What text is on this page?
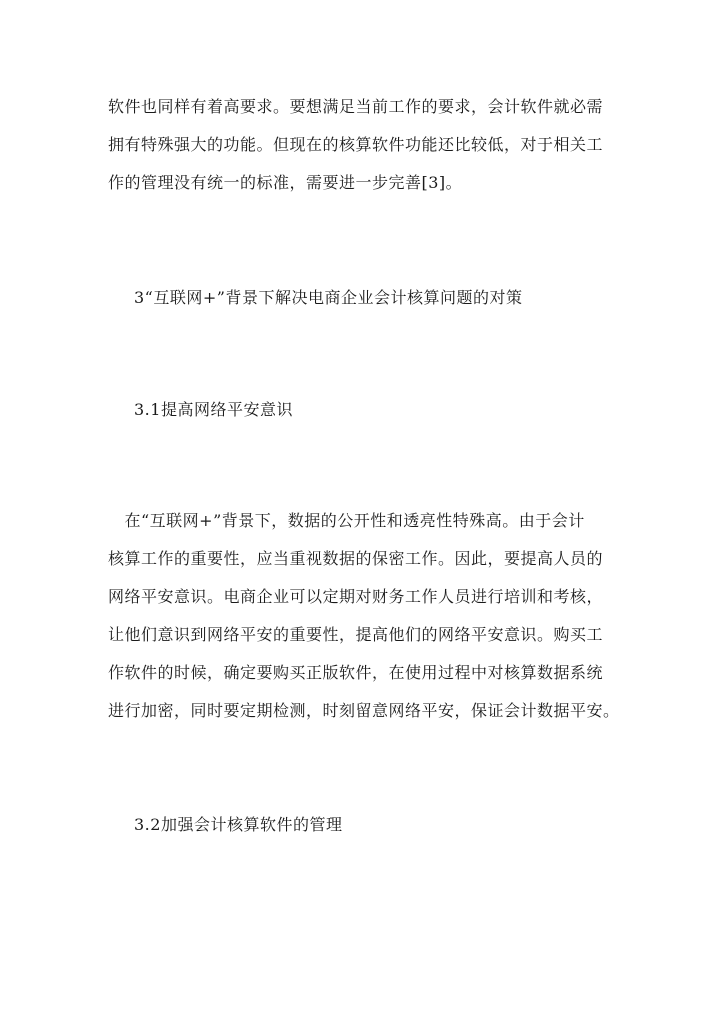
软件也同样有着高要求。要想满足当前工作的要求，会计软件就必需
拥有特殊强大的功能。但现在的核算软件功能还比较低，对于相关工
作的管理没有统一的标准，需要进一步完善[3]。
3“互联网+”背景下解决电商企业会计核算问题的对策
3.1提高网络平安意识
　在“互联网+”背景下，数据的公开性和透亮性特殊高。由于会计
核算工作的重要性，应当重视数据的保密工作。因此，要提高人员的
网络平安意识。电商企业可以定期对财务工作人员进行培训和考核，
让他们意识到网络平安的重要性，提高他们的网络平安意识。购买工
作软件的时候，确定要购买正版软件，在使用过程中对核算数据系统
进行加密，同时要定期检测，时刻留意网络平安，保证会计数据平安。
3.2加强会计核算软件的管理
